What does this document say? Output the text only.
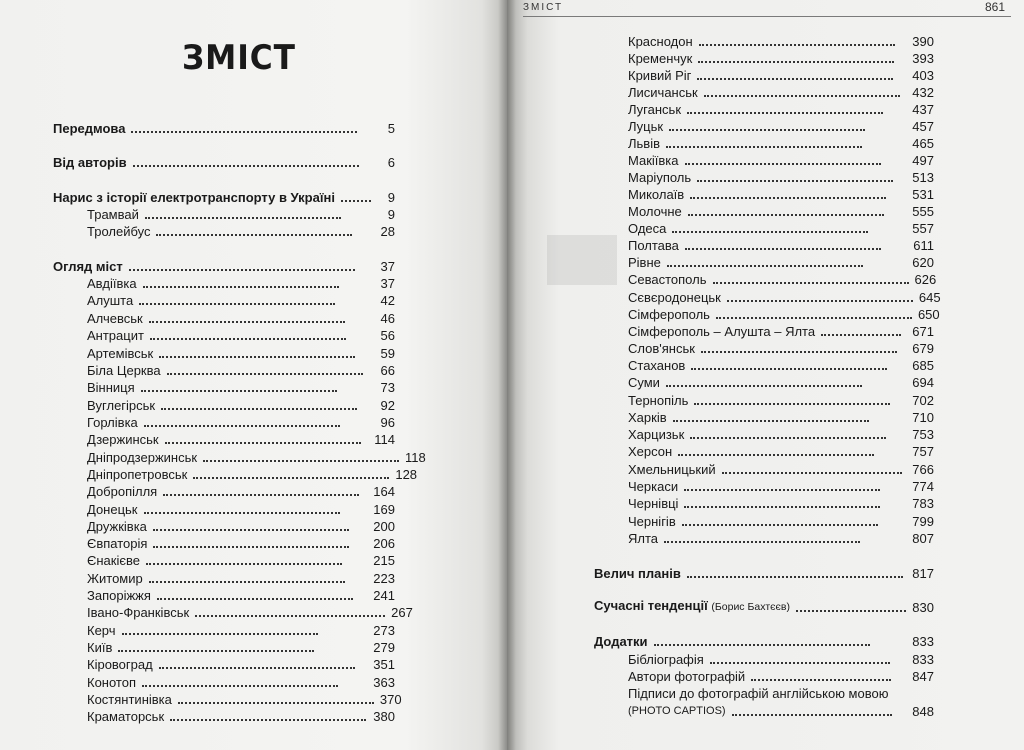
ЗМІСТ
Передмова	5
Від авторів	6
Нарис з історії електротранспорту в Україні	9
Трамвай	9
Тролейбус	28
Огляд міст	37
Авдіївка	37
Алушта	42
Алчевськ	46
Антрацит	56
Артемівськ	59
Біла Церква	66
Вінниця	73
Вуглегірськ	92
Горлівка	96
Дзержинськ	114
Дніпродзержинськ	118
Дніпропетровськ	128
Добропілля	164
Донецьк	169
Дружківка	200
Євпаторія	206
Єнакієве	215
Житомир	223
Запоріжжя	241
Івано-Франківськ	267
Керч	273
Київ	279
Кіровоград	351
Конотоп	363
Костянтинівка	370
Краматорськ	380
ЗМІСТ	861
Краснодон	390
Кременчук	393
Кривий Ріг	403
Лисичанськ	432
Луганськ	437
Луцьк	457
Львів	465
Макіївка	497
Маріуполь	513
Миколаїв	531
Молочне	555
Одеса	557
Полтава	611
Рівне	620
Севастополь	626
Сєвєродонецьк	645
Сімферополь	650
Сімферополь – Алушта – Ялта	671
Слов'янськ	679
Стаханов	685
Суми	694
Тернопіль	702
Харків	710
Харцизьк	753
Херсон	757
Хмельницький	766
Черкаси	774
Чернівці	783
Чернігів	799
Ялта	807
Велич планів	817
Сучасні тенденції (Борис Бахтєєв)	830
Додатки	833
Бібліографія	833
Автори фотографій	847
Підписи до фотографій англійською мовою
(PHOTO CAPTIOS)	848
